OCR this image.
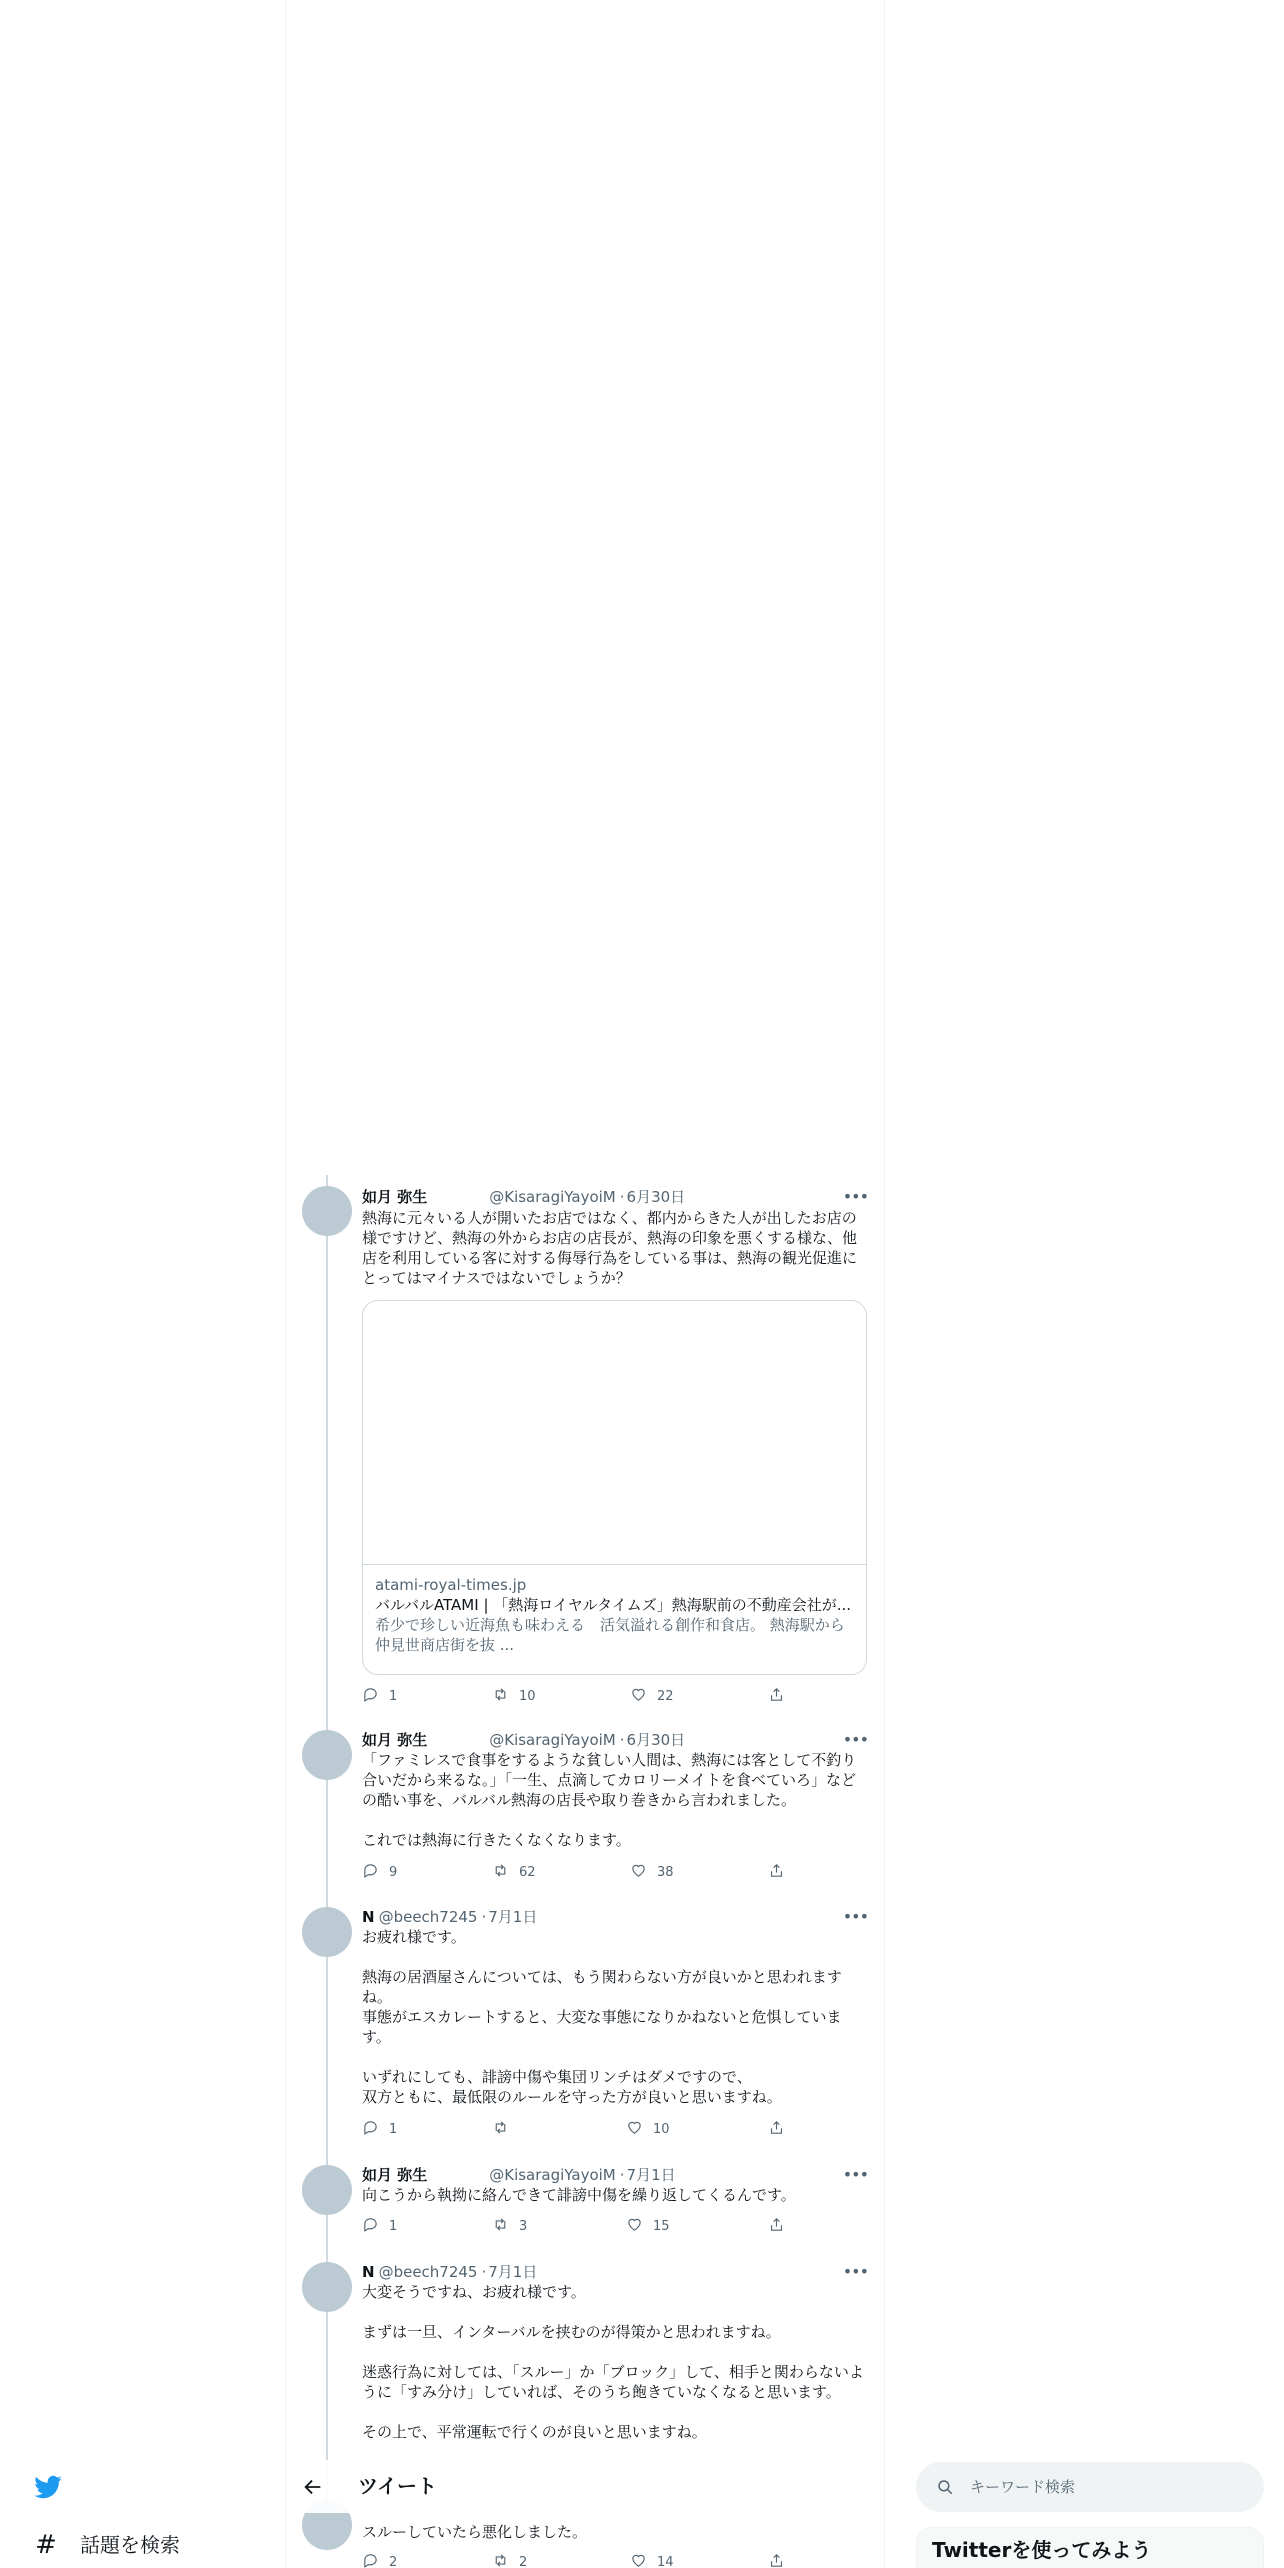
如月 弥生	@KisaragiYayoiM · 6月30日	•••
熱海に元々いる人が開いたお店ではなく、都内からきた人が出したお店の様ですけど、熱海の外からお店の店長が、熱海の印象を悪くする様な、他店を利用している客に対する侮辱行為をしている事は、熱海の観光促進にとってはマイナスではないでしょうか？
atami-royal-times.jp
バルバルATAMI | 「熱海ロイヤルタイムズ」熱海駅前の不動産会社が...
希少で珍しい近海魚も味わえる　活気溢れる創作和食店。 熱海駅から仲見世商店街を抜 ...
1	10	22
如月 弥生	@KisaragiYayoiM · 6月30日	•••
「ファミレスで食事をするような貧しい人間は、熱海には客として不釣り合いだから来るな。」「一生、点滴してカロリーメイトを食べていろ」などの酷い事を、バルバル熱海の店長や取り巻きから言われました。

これでは熱海に行きたくなくなります。
9	62	38
N @beech7245 · 7月1日	•••
お疲れ様です。

熱海の居酒屋さんについては、もう関わらない方が良いかと思われますね。
事態がエスカレートすると、大変な事態になりかねないと危惧しています。

いずれにしても、誹謗中傷や集団リンチはダメですので、
双方ともに、最低限のルールを守った方が良いと思いますね。
1	10
如月 弥生	@KisaragiYayoiM · 7月1日	•••
向こうから執拗に絡んできて誹謗中傷を繰り返してくるんです。
1	3	15
N @beech7245 · 7月1日	•••
大変そうですね、お疲れ様です。

まずは一旦、インターバルを挟むのが得策かと思われますね。

迷惑行為に対しては、「スルー」か「ブロック」して、相手と関わらないように「すみ分け」していれば、そのうち飽きていなくなると思います。

その上で、平常運転で行くのが良いと思いますね。
スルーしていたら悪化しました。
2	2	14
ツイート
# 話題を検索
キーワード検索	Twitterを使ってみよう
